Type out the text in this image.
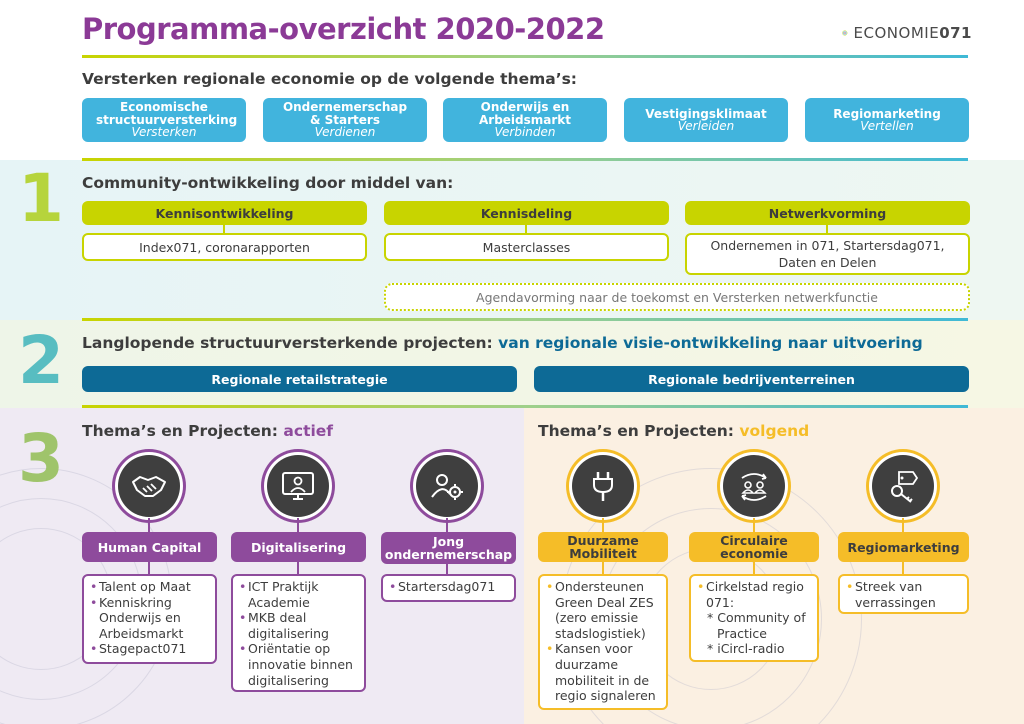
Programma-overzicht 2020-2022	ECONOMIE071
Versterken regionale economie op de volgende thema’s:
Economische structuurversterking
Versterken
Ondernemerschap & Starters
Verdienen
Onderwijs en Arbeidsmarkt
Verbinden
Vestigingsklimaat
Verleiden
Regiomarketing
Vertellen
1 Community-ontwikkeling door middel van:
Kennisontwikkeling
Index071, coronarapporten
Kennisdeling
Masterclasses
Netwerkvorming
Ondernemen in 071, Startersdag071,
Daten en Delen
Agendavorming naar de toekomst en Versterken netwerkfunctie
2 Langlopende structuurversterkende projecten: van regionale visie-ontwikkeling naar uitvoering
Regionale retailstrategie	Regionale bedrijventerreinen
3 Thema’s en Projecten: actief	Thema’s en Projecten: volgend
Human Capital
• Talent op Maat
• Kenniskring Onderwijs en Arbeidsmarkt
• Stagepact071
Digitalisering
• ICT Praktijk Academie
• MKB deal digitalisering
• Oriëntatie op innovatie binnen digitalisering
Jong ondernemerschap
• Startersdag071
Duurzame Mobiliteit
• Ondersteunen Green Deal ZES (zero emissie stadslogistiek)
• Kansen voor duurzame mobiliteit in de regio signaleren
Circulaire economie
• Cirkelstad regio 071:
* Community of Practice
* iCircl-radio
Regiomarketing
• Streek van verrassingen
